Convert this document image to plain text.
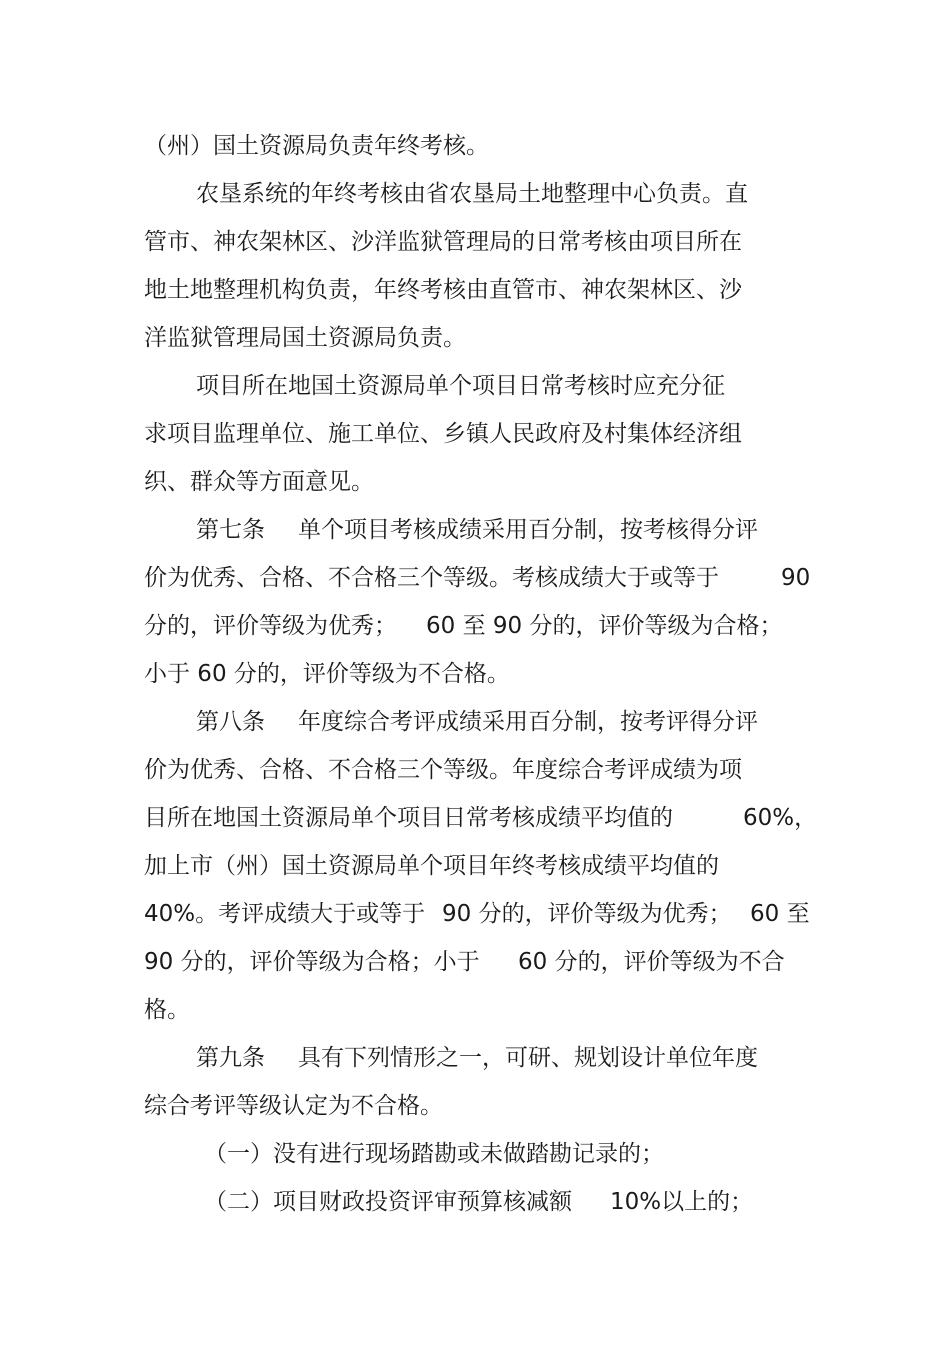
（州）国土资源局负责年终考核。
农垦系统的年终考核由省农垦局土地整理中心负责。直
管市、神农架林区、沙洋监狱管理局的日常考核由项目所在
地土地整理机构负责，年终考核由直管市、神农架林区、沙
洋监狱管理局国土资源局负责。
项目所在地国土资源局单个项目日常考核时应充分征
求项目监理单位、施工单位、乡镇人民政府及村集体经济组
织、群众等方面意见。
第七条 单个项目考核成绩采用百分制，按考核得分评
价为优秀、合格、不合格三个等级。考核成绩大于或等于	90
分的，评价等级为优秀； 60 至 90 分的，评价等级为合格；
小于 60 分的，评价等级为不合格。
第八条 年度综合考评成绩采用百分制，按考评得分评
价为优秀、合格、不合格三个等级。年度综合考评成绩为项
目所在地国土资源局单个项目日常考核成绩平均值的	60%，
加上市（州）国土资源局单个项目年终考核成绩平均值的
40%。考评成绩大于或等于 90 分的，评价等级为优秀； 60 至
90 分的，评价等级为合格；小于 60 分的，评价等级为不合
格。
第九条 具有下列情形之一，可研、规划设计单位年度
综合考评等级认定为不合格。
（一）没有进行现场踏勘或未做踏勘记录的；
（二）项目财政投资评审预算核减额 10%以上的；
